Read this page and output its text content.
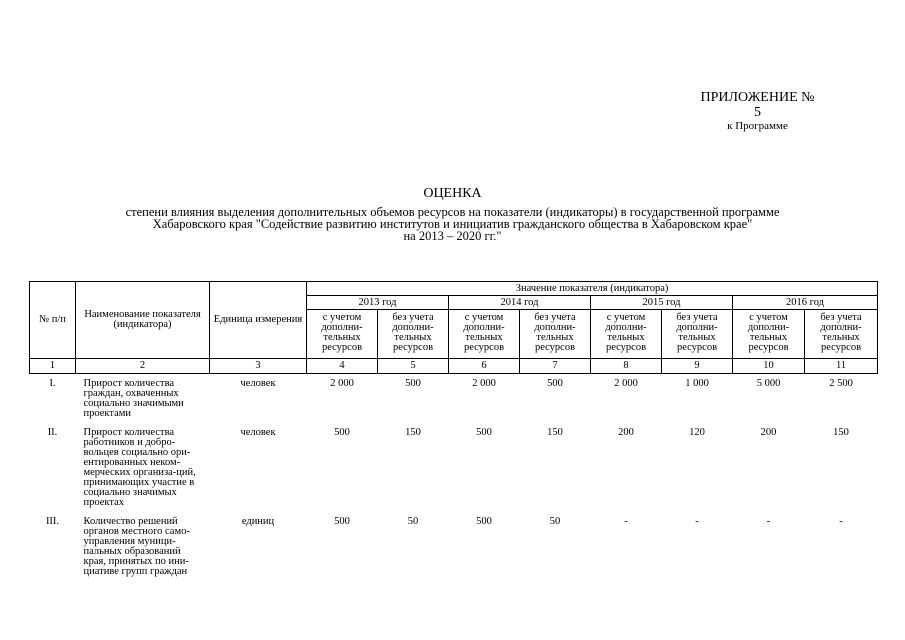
ПРИЛОЖЕНИЕ № 5
к Программе
ОЦЕНКА
степени влияния выделения дополнительных объемов ресурсов на показатели (индикаторы) в государственной программе
Хабаровского края "Содействие развитию институтов и инициатив гражданского общества в Хабаровском крае"
на 2013 – 2020 гг."
№ п/п	Наименование показателя (индикатора)	Единица измерения	Значение показателя (индикатора)							
			2013 год		2014 год		2015 год		2016 год	
			с учетом дополни-тельных ресурсов	без учета дополни-тельных ресурсов	с учетом дополни-тельных ресурсов	без учета дополни-тельных ресурсов	с учетом дополни-тельных ресурсов	без учета дополни-тельных ресурсов	с учетом дополни-тельных ресурсов	без учета дополни-тельных ресурсов
1	2	3	4	5	6	7	8	9	10	11
I.	Прирост количества граждан, охваченных социально значимыми проектами	человек	2 000	500	2 000	500	2 000	1 000	5 000	2 500
II.	Прирост количества работников и добро-вольцев социально ори-ентированных неком-мерческих организа-ций, принимающих участие в социально значимых проектах	человек	500	150	500	150	200	120	200	150
III.	Количество решений органов местного само-управления муници-пальных образований края, принятых по ини-циативе групп граждан	единиц	500	50	500	50	-	-	-	-
